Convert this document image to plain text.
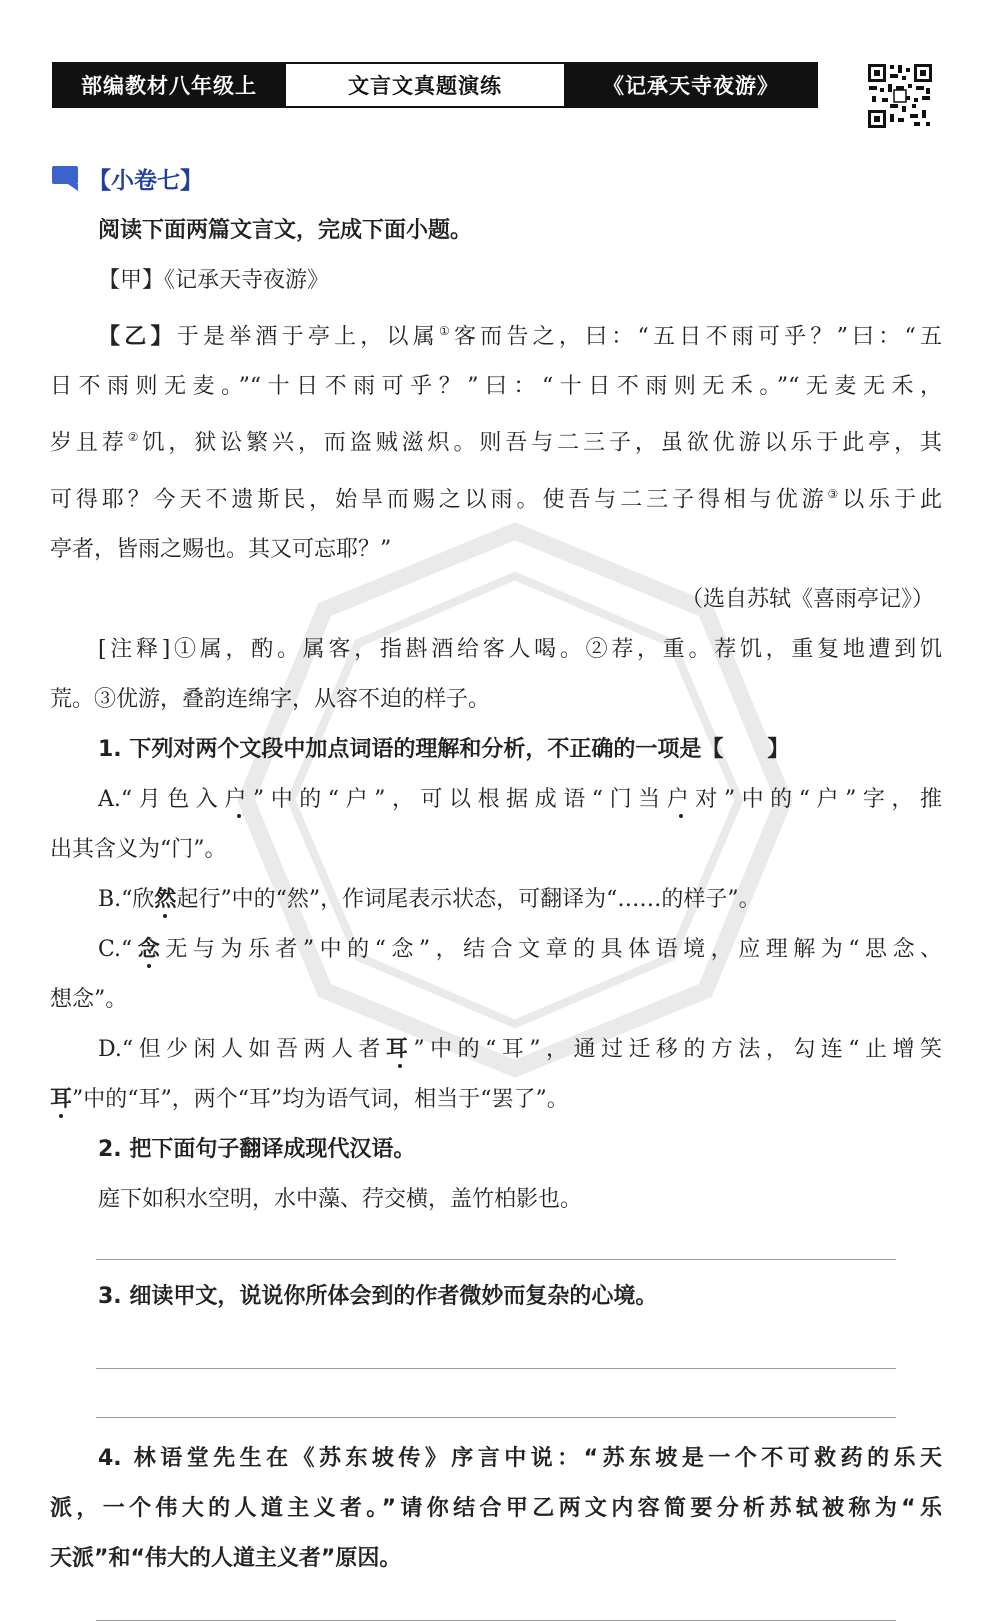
部编教材八年级上	文言文真题演练	《记承天寺夜游》
【小卷七】
阅读下面两篇文言文，完成下面小题。
【甲】《记承天寺夜游》
【乙】于是举酒于亭上，以属①客而告之，曰：“五日不雨可乎？”曰：“五
日不雨则无麦。”“十日不雨可乎？”曰：“十日不雨则无禾。”“无麦无禾，
岁且荐②饥，狱讼繁兴，而盗贼滋炽。则吾与二三子，虽欲优游以乐于此亭，其
可得耶？今天不遗斯民，始旱而赐之以雨。使吾与二三子得相与优游③以乐于此
亭者，皆雨之赐也。其又可忘耶？”
（选自苏轼《喜雨亭记》）
[注释]①属，酌。属客，指斟酒给客人喝。②荐，重。荐饥，重复地遭到饥
荒。③优游，叠韵连绵字，从容不迫的样子。
1. 下列对两个文段中加点词语的理解和分析，不正确的一项是【　　】
A.“月色入户”中的“户”，可以根据成语“门当户对”中的“户”字，推
出其含义为“门”。
B.“欣然起行”中的“然”，作词尾表示状态，可翻译为“……的样子”。
C.“念无与为乐者”中的“念”，结合文章的具体语境，应理解为“思念、
想念”。
D.“但少闲人如吾两人者耳”中的“耳”，通过迁移的方法，勾连“止增笑
耳”中的“耳”，两个“耳”均为语气词，相当于“罢了”。
2. 把下面句子翻译成现代汉语。
庭下如积水空明，水中藻、荇交横，盖竹柏影也。
3. 细读甲文，说说你所体会到的作者微妙而复杂的心境。
4. 林语堂先生在《苏东坡传》序言中说：“苏东坡是一个不可救药的乐天
派，一个伟大的人道主义者。”请你结合甲乙两文内容简要分析苏轼被称为“乐
天派”和“伟大的人道主义者”原因。
